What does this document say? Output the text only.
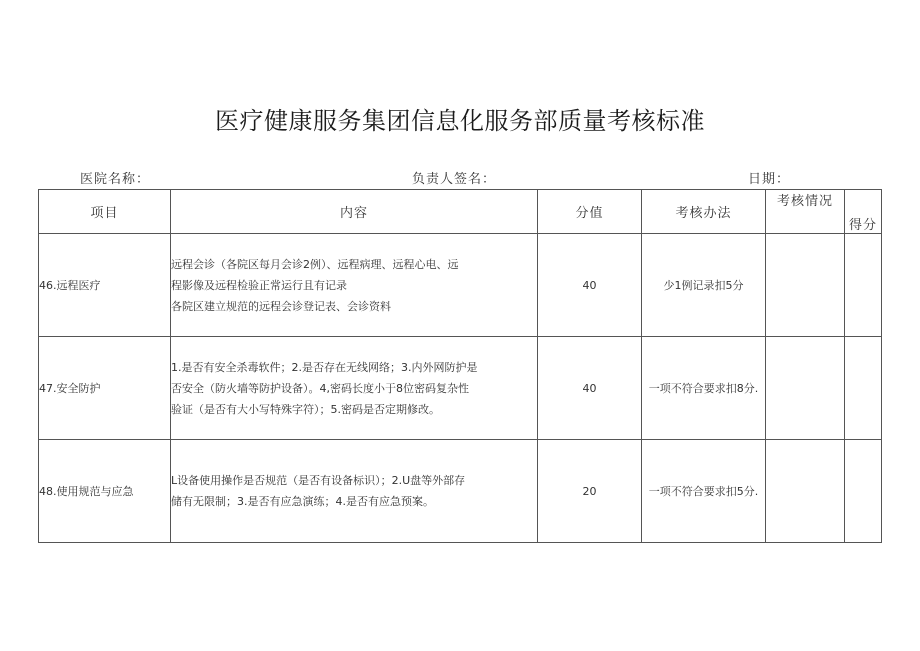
医疗健康服务集团信息化服务部质量考核标准
医院名称：	负责人签名：	日期：
项目	内容	分值	考核办法	考核情况	得分
46.远程医疗	远程会诊（各院区每月会诊2例）、远程病理、远程心电、远
程影像及远程检验正常运行且有记录
各院区建立规范的远程会诊登记表、会诊资料	40	少1例记录扣5分		
47.安全防护	1.是否有安全杀毒软件；2.是否存在无线网络；3.内外网防护是
否安全（防火墙等防护设备）。4,密码长度小于8位密码复杂性
验证（是否有大小写特殊字符）；5.密码是否定期修改。	40	一项不符合要求扣8分.		
48.使用规范与应急	L设备使用操作是否规范（是否有设备标识）；2.U盘等外部存
储有无限制；3.是否有应急演练；4.是否有应急预案。	20	一项不符合要求扣5分.		
